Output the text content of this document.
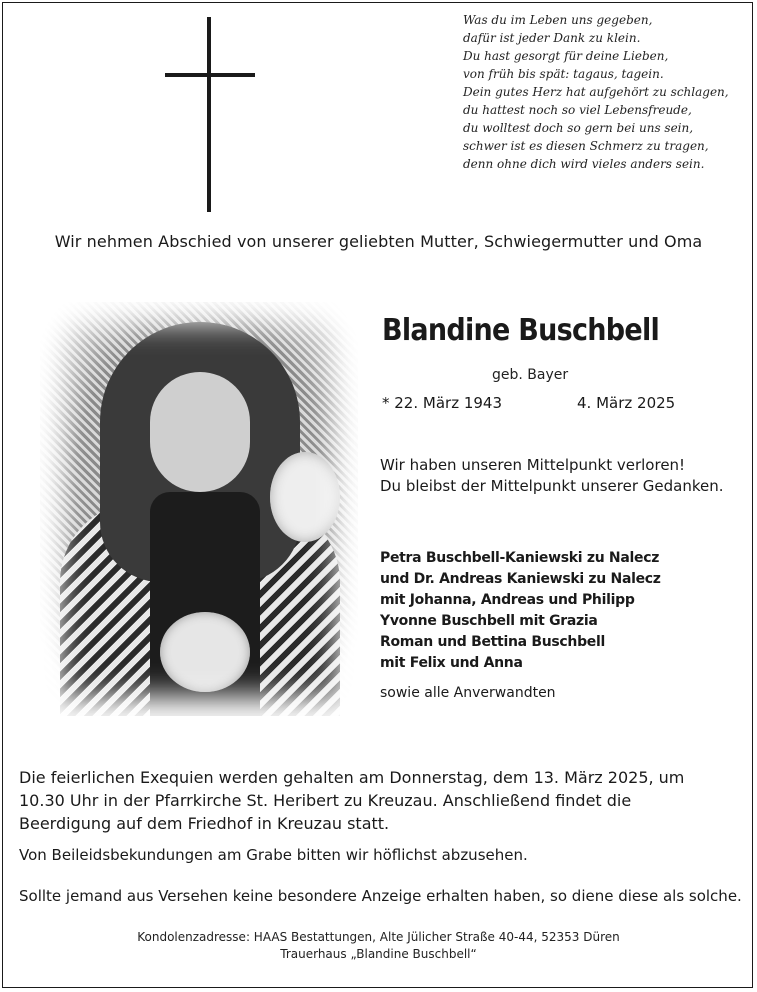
Was du im Leben uns gegeben,
dafür ist jeder Dank zu klein.
Du hast gesorgt für deine Lieben,
von früh bis spät: tagaus, tagein.
Dein gutes Herz hat aufgehört zu schlagen,
du hattest noch so viel Lebensfreude,
du wolltest doch so gern bei uns sein,
schwer ist es diesen Schmerz zu tragen,
denn ohne dich wird vieles anders sein.
Wir nehmen Abschied von unserer geliebten Mutter, Schwiegermutter und Oma
Blandine Buschbell
geb. Bayer
* 22. März 1943	4. März 2025
Wir haben unseren Mittelpunkt verloren!
Du bleibst der Mittelpunkt unserer Gedanken.
Petra Buschbell-Kaniewski zu Nalecz
und Dr. Andreas Kaniewski zu Nalecz
mit Johanna, Andreas und Philipp
Yvonne Buschbell mit Grazia
Roman und Bettina Buschbell
mit Felix und Anna
sowie alle Anverwandten
Die feierlichen Exequien werden gehalten am Donnerstag, dem 13. März 2025, um
10.30 Uhr in der Pfarrkirche St. Heribert zu Kreuzau. Anschließend findet die
Beerdigung auf dem Friedhof in Kreuzau statt.
Von Beileidsbekundungen am Grabe bitten wir höflichst abzusehen.
Sollte jemand aus Versehen keine besondere Anzeige erhalten haben, so diene diese als solche.
Kondolenzadresse: HAAS Bestattungen, Alte Jülicher Straße 40-44, 52353 Düren
Trauerhaus „Blandine Buschbell“
